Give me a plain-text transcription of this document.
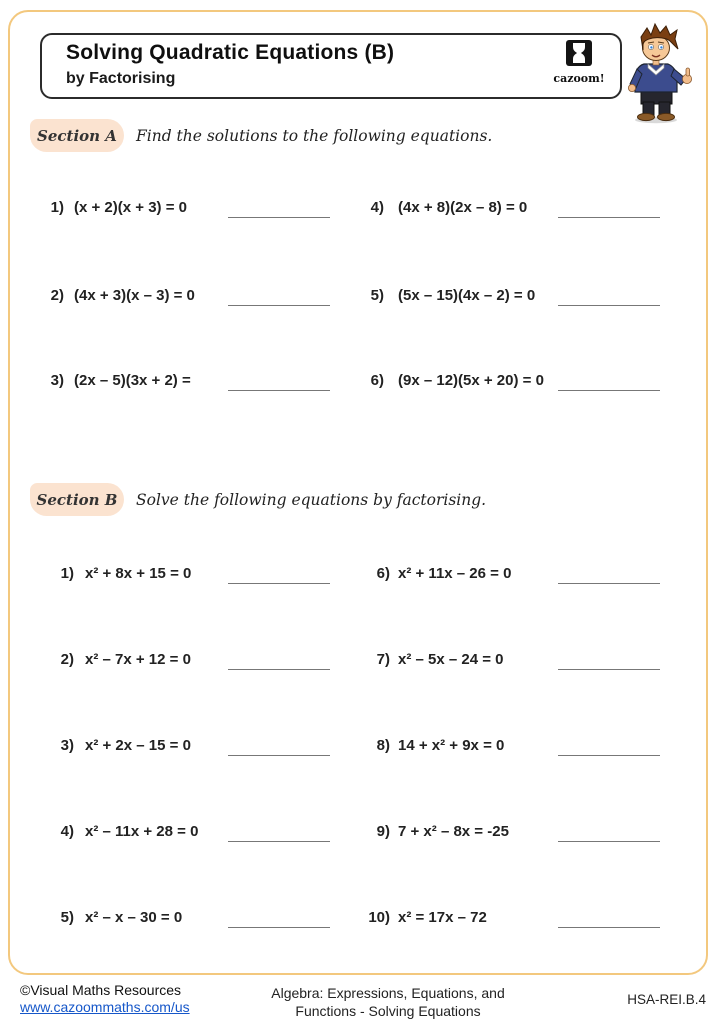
Solving Quadratic Equations (B)
by Factorising	cazoom!
Section A	Find the solutions to the following equations.
1) (x + 2)(x + 3) = 0	4) (4x + 8)(2x – 8) = 0
2) (4x + 3)(x – 3) = 0	5) (5x – 15)(4x – 2) = 0
3) (2x – 5)(3x + 2) =	6) (9x – 12)(5x + 20) = 0
Section B	Solve the following equations by factorising.
1) x² + 8x + 15 = 0	6) x² + 11x – 26 = 0
2) x² – 7x + 12 = 0	7) x² – 5x – 24 = 0
3) x² + 2x – 15 = 0	8) 14 + x² + 9x = 0
4) x² – 11x + 28 = 0	9) 7 + x² – 8x = -25
5) x² – x – 30 = 0	10) x² = 17x – 72
©Visual Maths Resources
www.cazoommaths.com/us
Algebra: Expressions, Equations, and
Functions - Solving Equations
HSA-REI.B.4
